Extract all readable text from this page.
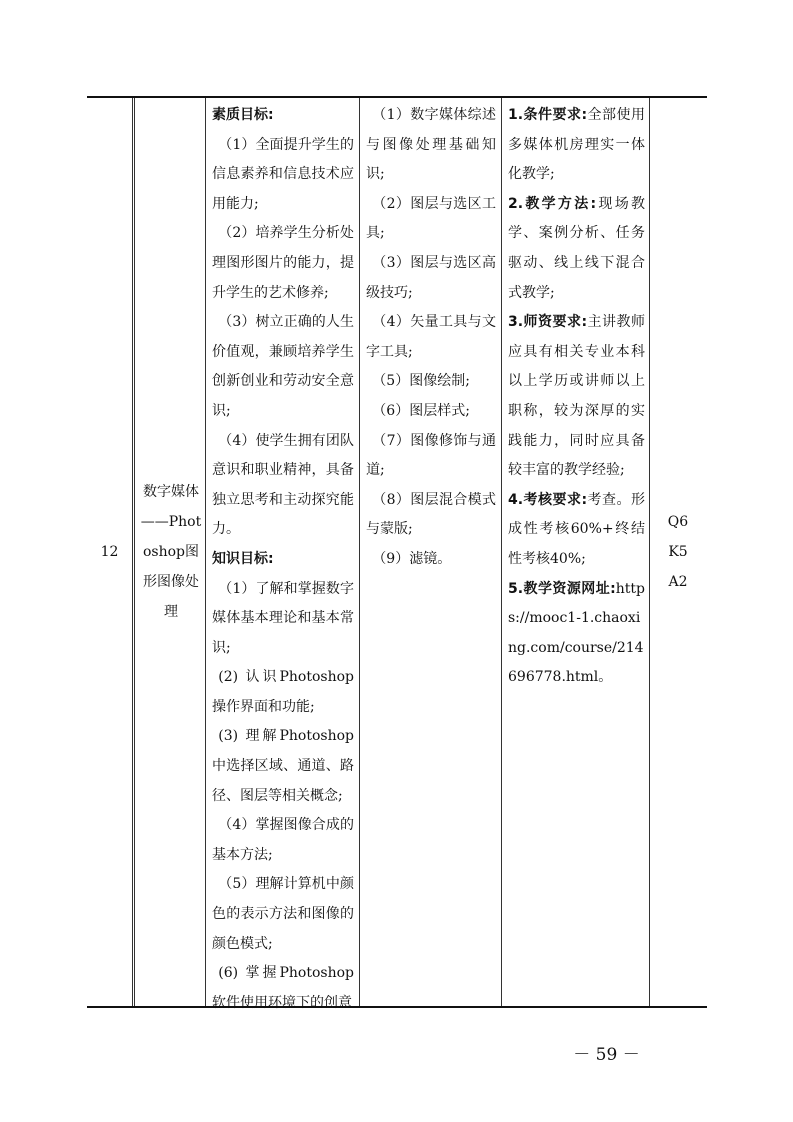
12
数字媒体——Photoshop图形图像处理

素质目标:

（1）全面提升学生的信息素养和信息技术应用能力;

（2）培养学生分析处理图形图片的能力，提升学生的艺术修养;

（3）树立正确的人生价值观，兼顾培养学生创新创业和劳动安全意识;

（4）使学生拥有团队意识和职业精神，具备独立思考和主动探究能力。

知识目标:

（1）了解和掌握数字媒体基本理论和基本常识;

(2) 认识Photoshop操作界面和功能;

(3) 理解Photoshop中选择区域、通道、路径、图层等相关概念;

（4）掌握图像合成的基本方法;

（5）理解计算机中颜色的表示方法和图像的颜色模式;

(6) 掌握Photoshop软件使用环境下的创意

（1）数字媒体综述与图像处理基础知识;

（2）图层与选区工具;

（3）图层与选区高级技巧;

（4）矢量工具与文字工具;

（5）图像绘制;

（6）图层样式;

（7）图像修饰与通道;

（8）图层混合模式与蒙版;

（9）滤镜。

1.条件要求:全部使用多媒体机房理实一体化教学;

2.教学方法:现场教学、案例分析、任务驱动、线上线下混合式教学;

3.师资要求:主讲教师应具有相关专业本科以上学历或讲师以上职称，较为深厚的实践能力，同时应具备较丰富的教学经验;

4.考核要求:考查。形成性考核60%+终结性考核40%;

5.教学资源网址:https://mooc1-1.chaoxing.com/course/214696778.html。

Q6K5A2
－ 59 －
